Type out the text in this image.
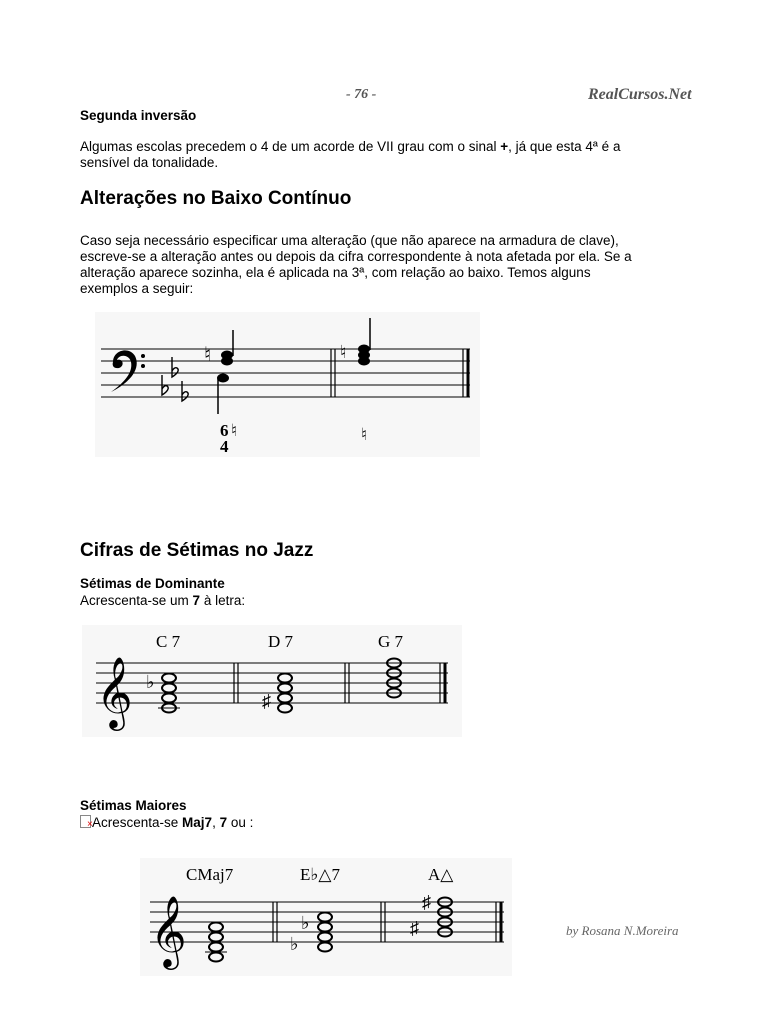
- 76 -	RealCursos.Net
Segunda inversão
Algumas escolas precedem o 4 de um acorde de VII grau com o sinal +, já que esta 4ª é a
sensível da tonalidade.
Alterações no Baixo Contínuo
Caso seja necessário especificar uma alteração (que não aparece na armadura de clave),
escreve-se a alteração antes ou depois da cifra correspondente à nota afetada por ela. Se a
alteração aparece sozinha, ela é aplicada na 3ª, com relação ao baixo. Temos alguns
exemplos a seguir:
♮
6 ♮
4
♮
♮
Cifras de Sétimas no Jazz
Sétimas de Dominante
Acrescenta-se um 7 à letra:
C 7	D 7	G 7
𝄞 ♭
♯
Sétimas Maiores
×Acrescenta-se Maj7, 7 ou :
CMaj7	E♭△7	A△
𝄞	♭
♭
♯
♯	by Rosana N.Moreira
